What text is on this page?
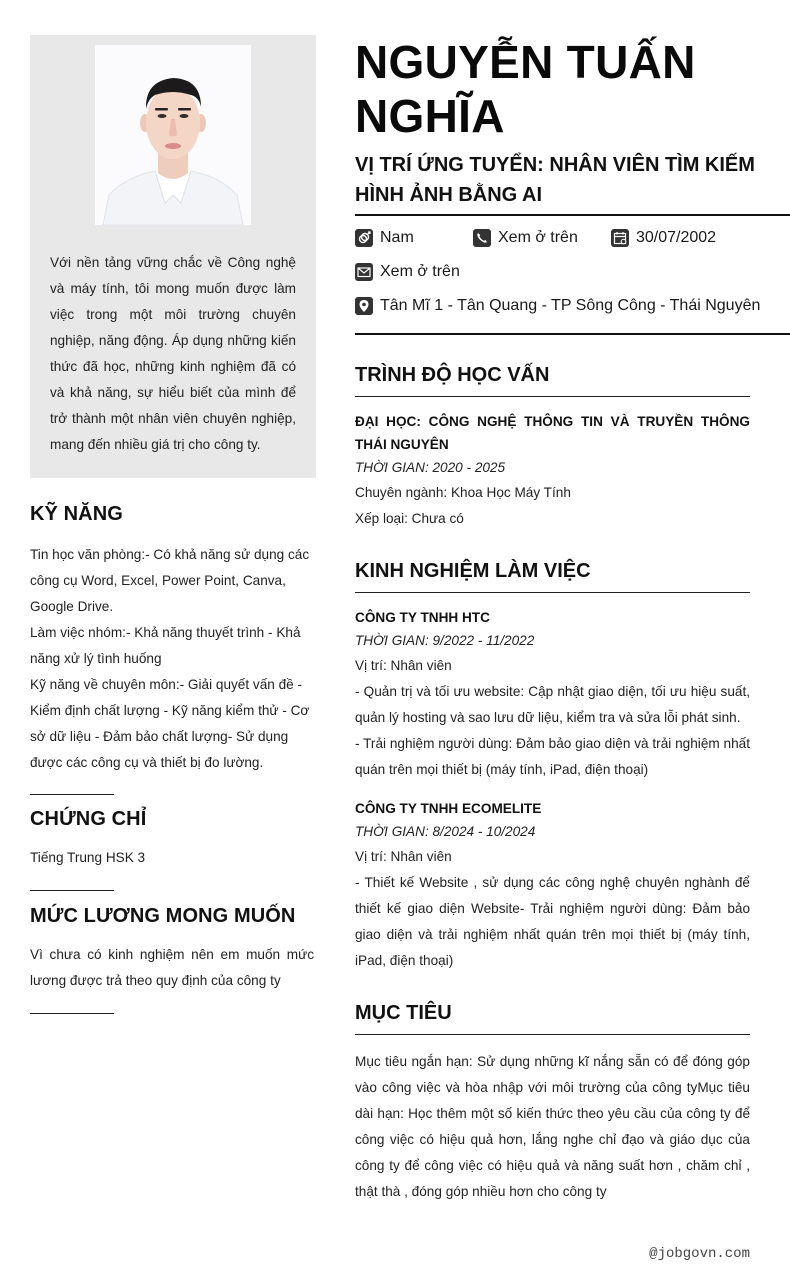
Với nền tảng vững chắc về Công nghệ và máy tính, tôi mong muốn được làm việc trong một môi trường chuyên nghiệp, năng động. Áp dụng những kiến thức đã học, những kinh nghiệm đã có và khả năng, sự hiểu biết của mình để trở thành một nhân viên chuyên nghiệp, mang đến nhiều giá trị cho công ty.
KỸ NĂNG
Tin học văn phòng:- Có khả năng sử dụng các công cụ Word, Excel, Power Point, Canva, Google Drive.
Làm việc nhóm:- Khả năng thuyết trình - Khả năng xử lý tình huống
Kỹ năng về chuyên môn:- Giải quyết vấn đề - Kiểm định chất lượng - Kỹ năng kiểm thử - Cơ sở dữ liệu - Đảm bảo chất lượng- Sử dụng được các công cụ và thiết bị đo lường.
CHỨNG CHỈ
Tiếng Trung HSK 3
MỨC LƯƠNG MONG MUỐN
Vì chưa có kinh nghiệm nên em muốn mức lương được trả theo quy định của công ty
NGUYỄN TUẤN NGHĨA
VỊ TRÍ ỨNG TUYỂN: NHÂN VIÊN TÌM KIẾM HÌNH ẢNH BẰNG AI
Nam	Xem ở trên	30/07/2002
Xem ở trên
Tân Mĩ 1 - Tân Quang - TP Sông Công - Thái Nguyên
TRÌNH ĐỘ HỌC VẤN
ĐẠI HỌC: CÔNG NGHỆ THÔNG TIN VÀ TRUYỀN THÔNG THÁI NGUYÊN
THỜI GIAN: 2020 - 2025
Chuyên ngành: Khoa Học Máy Tính
Xếp loại: Chưa có
KINH NGHIỆM LÀM VIỆC
CÔNG TY TNHH HTC
THỜI GIAN: 9/2022 - 11/2022
Vị trí: Nhân viên
- Quản trị và tối ưu website: Cập nhật giao diện, tối ưu hiệu suất, quản lý hosting và sao lưu dữ liệu, kiểm tra và sửa lỗi phát sinh.
- Trải nghiệm người dùng: Đảm bảo giao diện và trải nghiệm nhất quán trên mọi thiết bị (máy tính, iPad, điện thoại)
CÔNG TY TNHH ECOMELITE
THỜI GIAN: 8/2024 - 10/2024
Vị trí: Nhân viên
- Thiết kế Website , sử dụng các công nghệ chuyên nghành để thiết kế giao diện Website- Trải nghiệm người dùng: Đảm bảo giao diện và trải nghiệm nhất quán trên mọi thiết bị (máy tính, iPad, điện thoại)
MỤC TIÊU
Mục tiêu ngắn hạn: Sử dụng những kĩ nắng sẵn có để đóng góp vào công việc và hòa nhập với môi trường của công tyMục tiêu dài hạn: Học thêm một số kiến thức theo yêu cầu của công ty để công việc có hiệu quả hơn, lắng nghe chỉ đạo và giáo dục của công ty để công việc có hiệu quả và năng suất hơn , chăm chỉ , thật thà , đóng góp nhiều hơn cho công ty
@jobgovn.com
